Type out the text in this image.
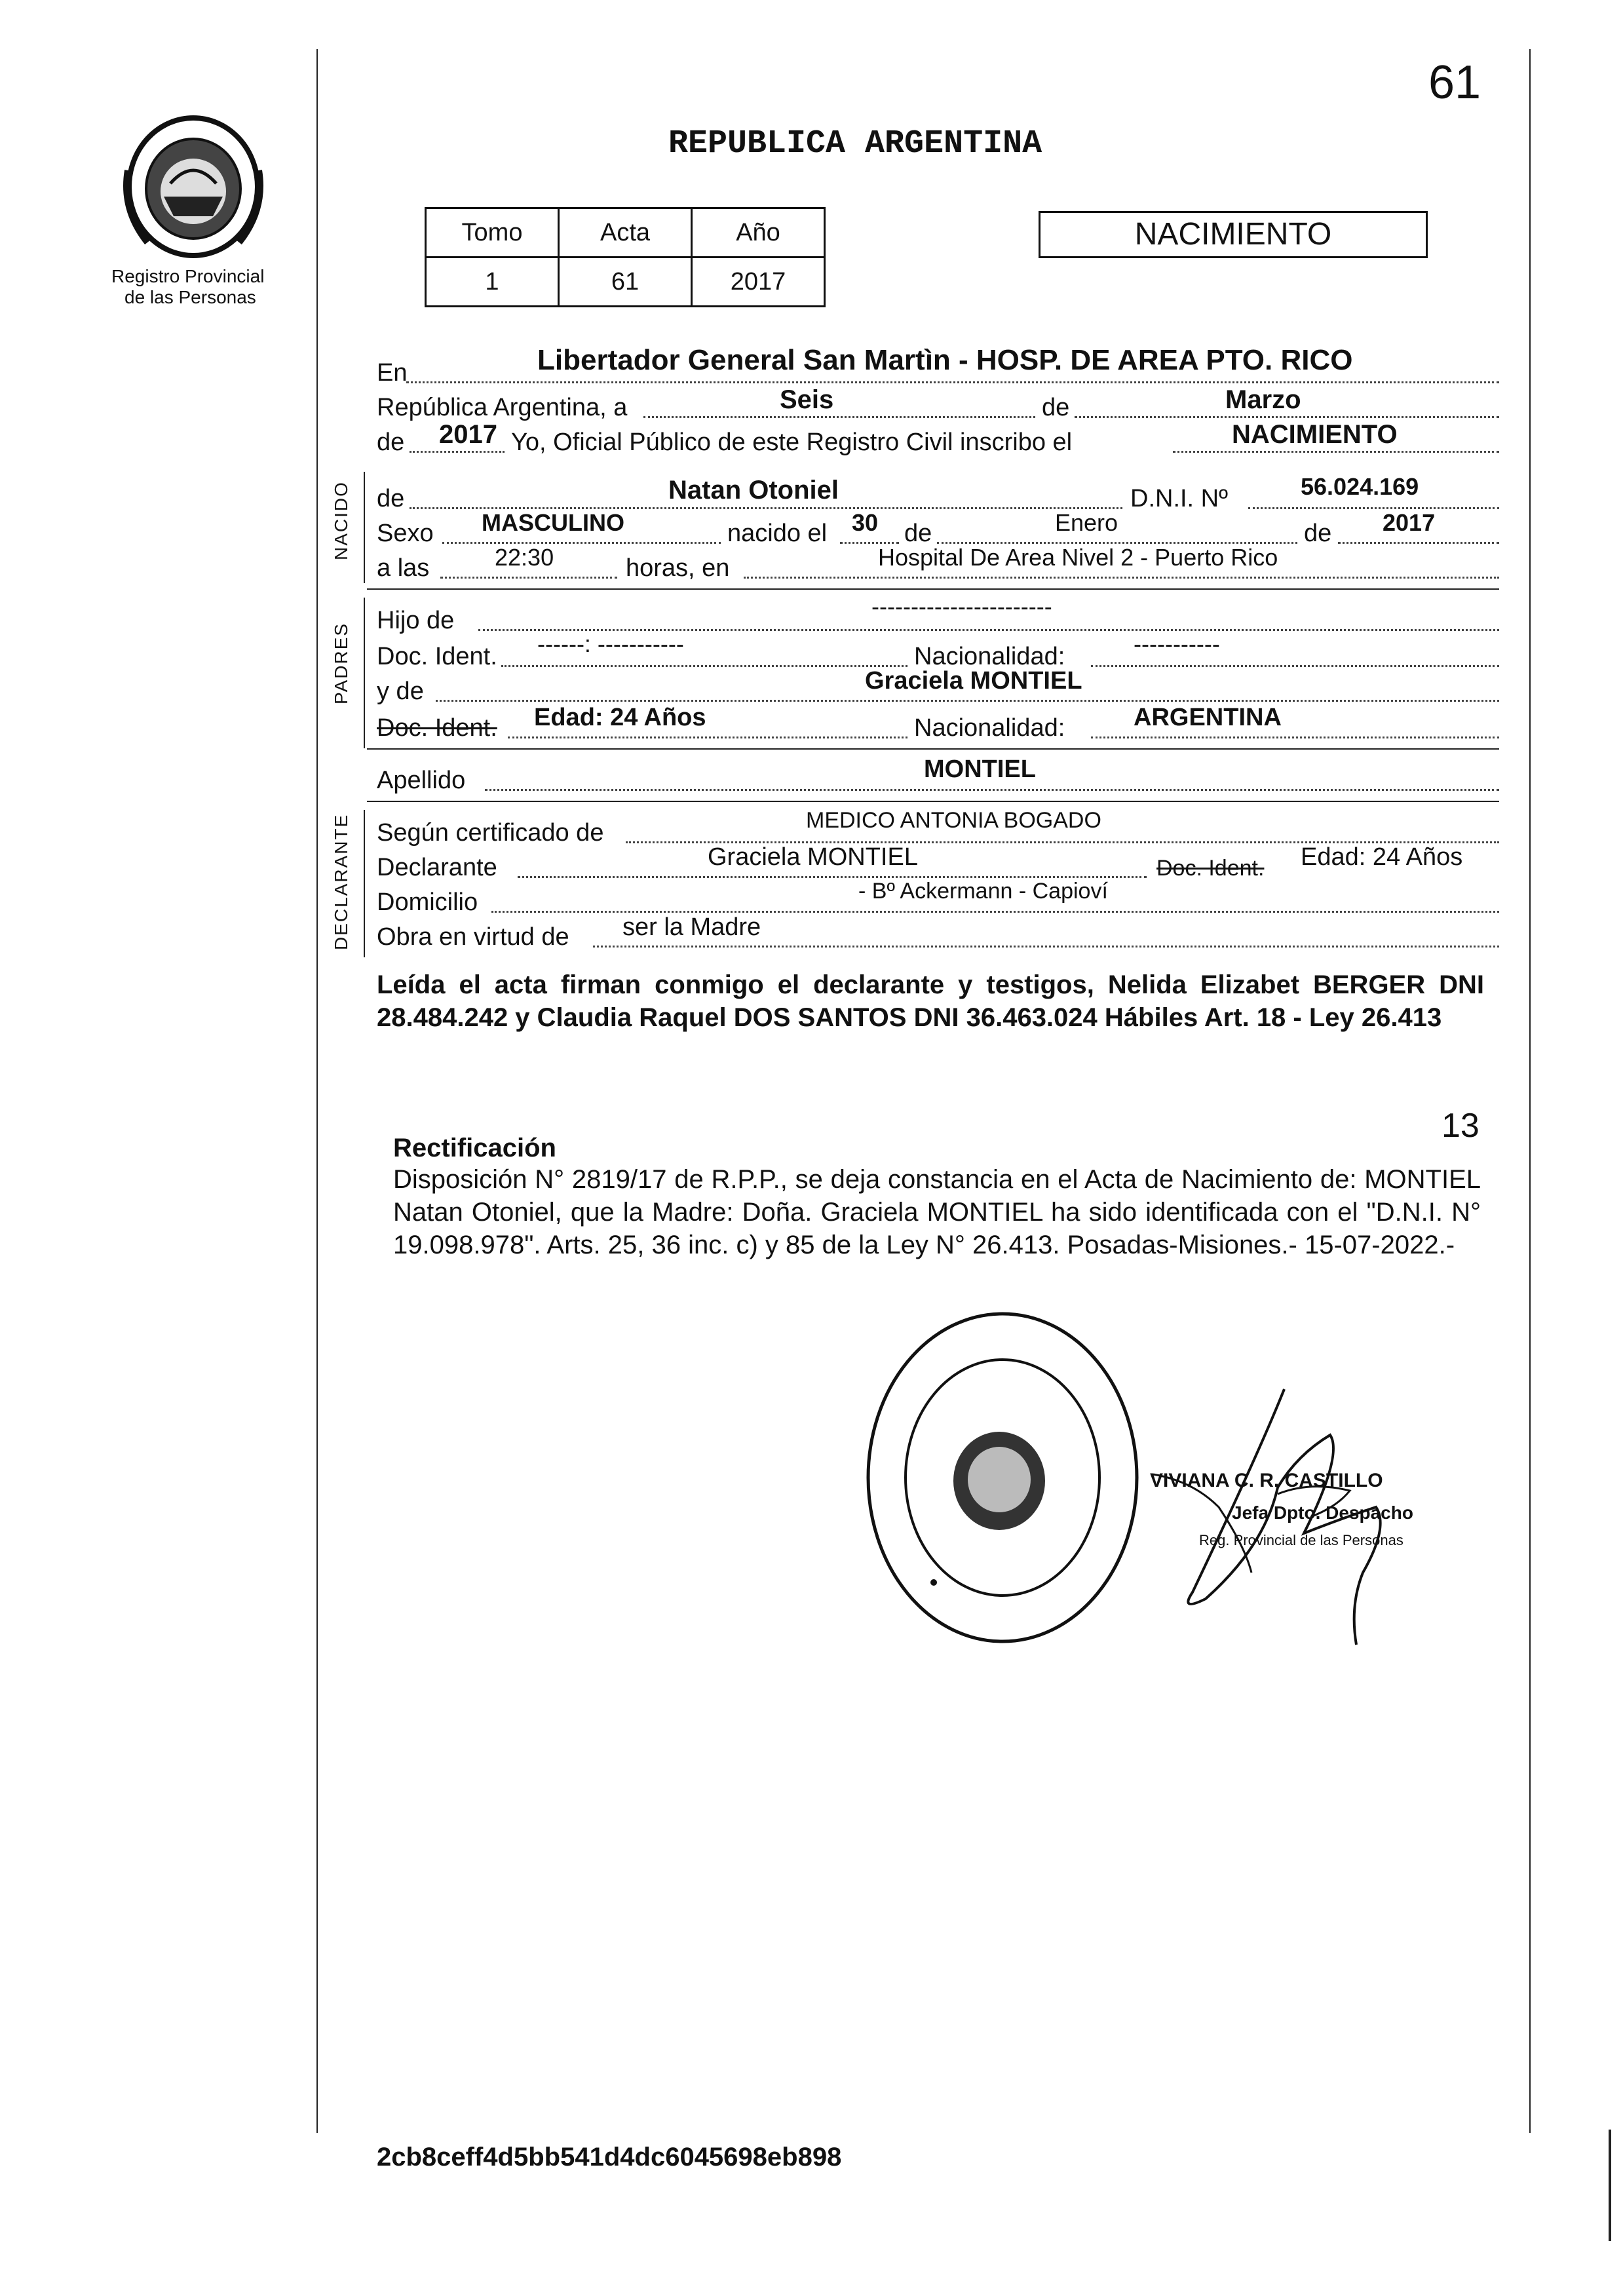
61
Registro Provincial
de las Personas
REPUBLICA ARGENTINA
Tomo	Acta	Año
1	61	2017
NACIMIENTO
En	Libertador General San Martìn - HOSP. DE AREA PTO. RICO
República Argentina, a	Seis	de	Marzo
de 2017 Yo, Oficial Público de este Registro Civil inscribo el	NACIMIENTO
NACIDO de	Natan Otoniel	D.N.I. Nº	56.024.169
Sexo MASCULINO	nacido el 30 de	Enero	de 2017
a las	22:30	horas, en	Hospital De Area Nivel 2 - Puerto Rico
PADRES
Hijo de
-----------------------
Doc. Ident. ------: -----------	Nacionalidad:	-----------
y de	Graciela MONTIEL
Doc. Ident. Edad: 24 Años	Nacionalidad:	ARGENTINA
Apellido	MONTIEL
DECLARANTE Según certificado de	MEDICO ANTONIA BOGADO
Declarante	Graciela MONTIEL	Doc. Ident. Edad: 24 Años
Domicilio	- Bº Ackermann - Capioví
Obra en virtud de ser la Madre
Leída el acta firman conmigo el declarante y testigos, Nelida Elizabet BERGER DNI 28.484.242 y Claudia Raquel DOS SANTOS DNI 36.463.024 Hábiles Art. 18 - Ley 26.413
13
Rectificación
Disposición N° 2819/17 de R.P.P., se deja constancia en el Acta de Nacimiento de: MONTIEL Natan Otoniel, que la Madre: Doña. Graciela MONTIEL ha sido identificada con el "D.N.I. N° 19.098.978". Arts. 25, 36 inc. c) y 85 de la Ley N° 26.413. Posadas-Misiones.- 15-07-2022.-
VIVIANA C. R. CASTILLO
Jefa Dpto. Despacho
Reg. Provincial de las Personas
2cb8ceff4d5bb541d4dc6045698eb898
